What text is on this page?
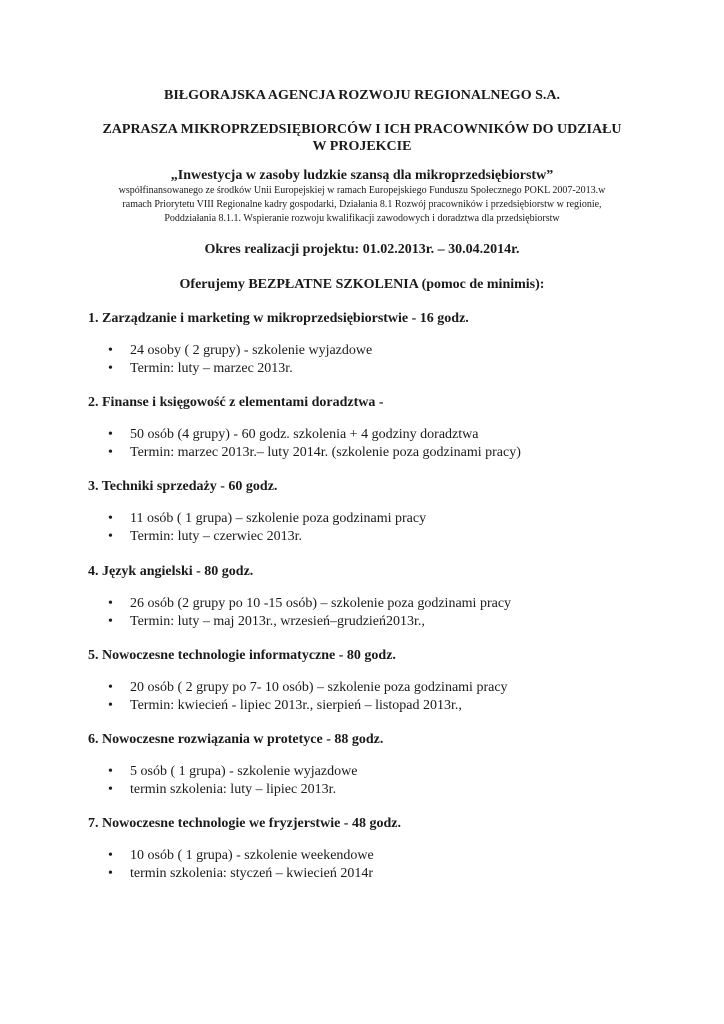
BIŁGORAJSKA AGENCJA ROZWOJU REGIONALNEGO S.A.
ZAPRASZA MIKROPRZEDSIĘBIORCÓW I ICH PRACOWNIKÓW DO UDZIAŁU
W PROJEKCIE
„Inwestycja w zasoby ludzkie szansą dla mikroprzedsiębiorstw”
współfinansowanego ze środków Unii Europejskiej w ramach Europejskiego Funduszu Społecznego POKL 2007-2013.w
ramach Priorytetu VIII Regionalne kadry gospodarki, Działania 8.1 Rozwój pracowników i przedsiębiorstw w regionie,
Poddziałania 8.1.1. Wspieranie rozwoju kwalifikacji zawodowych i doradztwa dla przedsiębiorstw
Okres realizacji projektu: 01.02.2013r. – 30.04.2014r.
Oferujemy BEZPŁATNE SZKOLENIA (pomoc de minimis):
1. Zarządzanie i marketing w mikroprzedsiębiorstwie - 16 godz.
• 24 osoby ( 2 grupy) - szkolenie wyjazdowe
• Termin: luty – marzec 2013r.
2. Finanse i księgowość z elementami doradztwa -
• 50 osób (4 grupy) - 60 godz. szkolenia + 4 godziny doradztwa
• Termin: marzec 2013r.– luty 2014r. (szkolenie poza godzinami pracy)
3. Techniki sprzedaży - 60 godz.
• 11 osób ( 1 grupa) – szkolenie poza godzinami pracy
• Termin: luty – czerwiec 2013r.
4. Język angielski - 80 godz.
• 26 osób (2 grupy po 10 -15 osób) – szkolenie poza godzinami pracy
• Termin: luty – maj 2013r., wrzesień–grudzień2013r.,
5. Nowoczesne technologie informatyczne - 80 godz.
• 20 osób ( 2 grupy po 7- 10 osób) – szkolenie poza godzinami pracy
• Termin: kwiecień - lipiec 2013r., sierpień – listopad 2013r.,
6. Nowoczesne rozwiązania w protetyce - 88 godz.
• 5 osób ( 1 grupa) - szkolenie wyjazdowe
• termin szkolenia: luty – lipiec 2013r.
7. Nowoczesne technologie we fryzjerstwie - 48 godz.
• 10 osób ( 1 grupa) - szkolenie weekendowe
• termin szkolenia: styczeń – kwiecień 2014r
